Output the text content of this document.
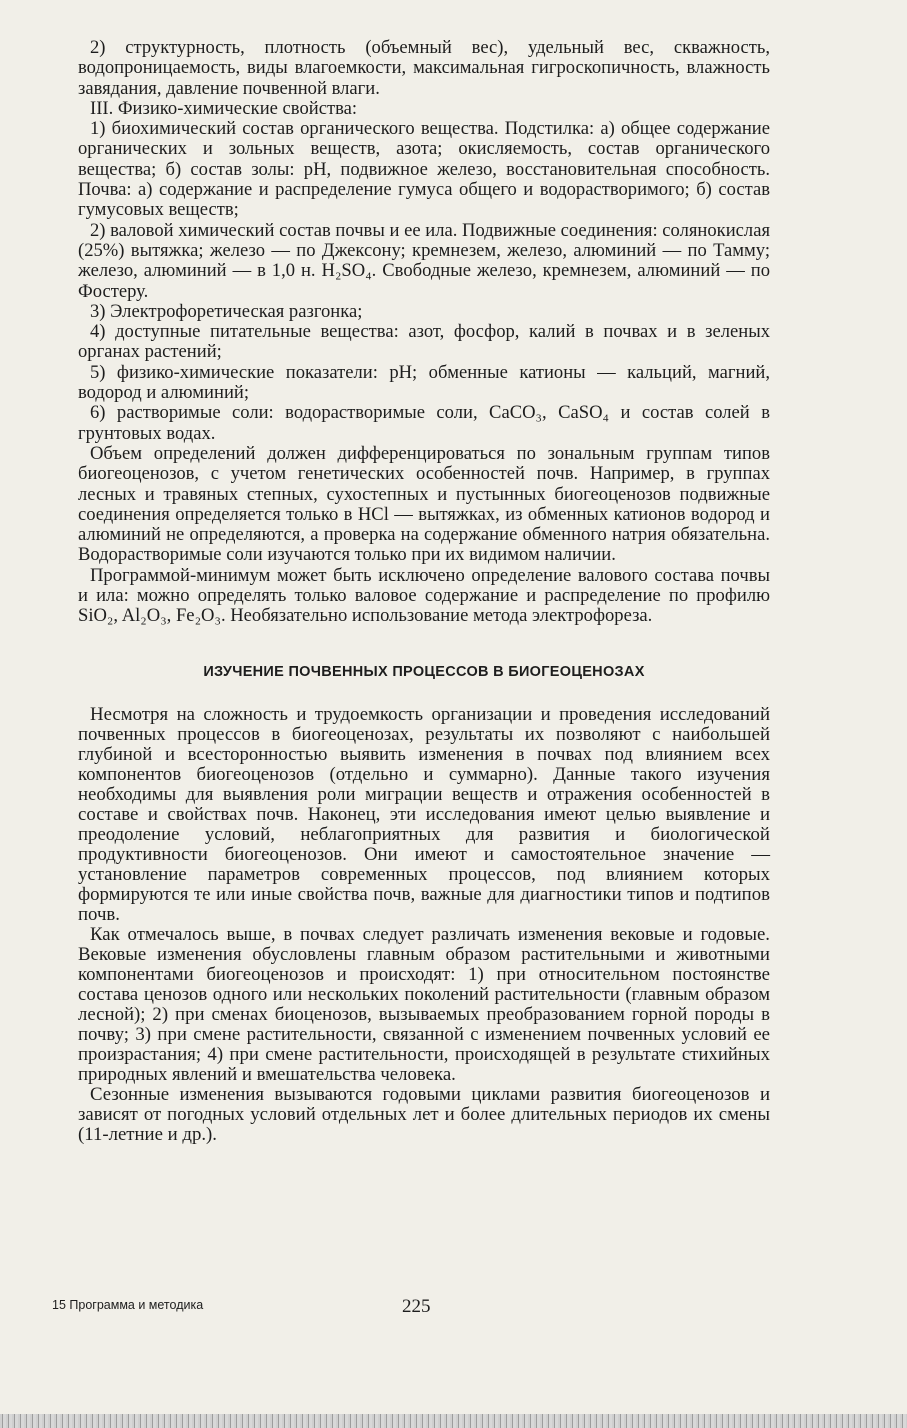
2) структурность, плотность (объемный вес), удельный вес, скважность, водопроницаемость, виды влагоемкости, максимальная гигроскопичность, влажность завядания, давление почвенной влаги.

III. Физико-химические свойства:

1) биохимический состав органического вещества. Подстилка: а) общее содержание органических и зольных веществ, азота; окисляемость, состав органического вещества; б) состав золы: рН, подвижное железо, восстановительная способность. Почва: а) содержание и распределение гумуса общего и водорастворимого; б) состав гумусовых веществ;

2) валовой химический состав почвы и ее ила. Подвижные соединения: солянокислая (25%) вытяжка; железо — по Джексону; кремнезем, железо, алюминий — по Тамму; железо, алюминий — в 1,0 н. H₂SO₄. Свободные железо, кремнезем, алюминий — по Фостеру.

3) Электрофоретическая разгонка;

4) доступные питательные вещества: азот, фосфор, калий в почвах и в зеленых органах растений;

5) физико-химические показатели: рН; обменные катионы — кальций, магний, водород и алюминий;

6) растворимые соли: водорастворимые соли, CaCO₃, CaSO₄ и состав солей в грунтовых водах.

Объем определений должен дифференцироваться по зональным группам типов биогеоценозов, с учетом генетических особенностей почв. Например, в группах лесных и травяных степных, сухостепных и пустынных биогеоценозов подвижные соединения определяется только в HCl — вытяжках, из обменных катионов водород и алюминий не определяются, а проверка на содержание обменного натрия обязательна. Водорастворимые соли изучаются только при их видимом наличии.

Программой-минимум может быть исключено определение валового состава почвы и ила: можно определять только валовое содержание и распределение по профилю SiO₂, Al₂O₃, Fe₂O₃. Необязательно использование метода электрофореза.

ИЗУЧЕНИЕ ПОЧВЕННЫХ ПРОЦЕССОВ В БИОГЕОЦЕНОЗАХ

Несмотря на сложность и трудоемкость организации и проведения исследований почвенных процессов в биогеоценозах, результаты их позволяют с наибольшей глубиной и всесторонностью выявить изменения в почвах под влиянием всех компонентов биогеоценозов (отдельно и суммарно). Данные такого изучения необходимы для выявления роли миграции веществ и отражения особенностей в составе и свойствах почв. Наконец, эти исследования имеют целью выявление и преодоление условий, неблагоприятных для развития и биологической продуктивности биогеоценозов. Они имеют и самостоятельное значение — установление параметров современных процессов, под влиянием которых формируются те или иные свойства почв, важные для диагностики типов и подтипов почв.

Как отмечалось выше, в почвах следует различать изменения вековые и годовые. Вековые изменения обусловлены главным образом растительными и животными компонентами биогеоценозов и происходят: 1) при относительном постоянстве состава ценозов одного или нескольких поколений растительности (главным образом лесной); 2) при сменах биоценозов, вызываемых преобразованием горной породы в почву; 3) при смене растительности, связанной с изменением почвенных условий ее произрастания; 4) при смене растительности, происходящей в результате стихийных природных явлений и вмешательства человека.

Сезонные изменения вызываются годовыми циклами развития биогеоценозов и зависят от погодных условий отдельных лет и более длительных периодов их смены (11-летние и др.).

15 Программа и методика	225
